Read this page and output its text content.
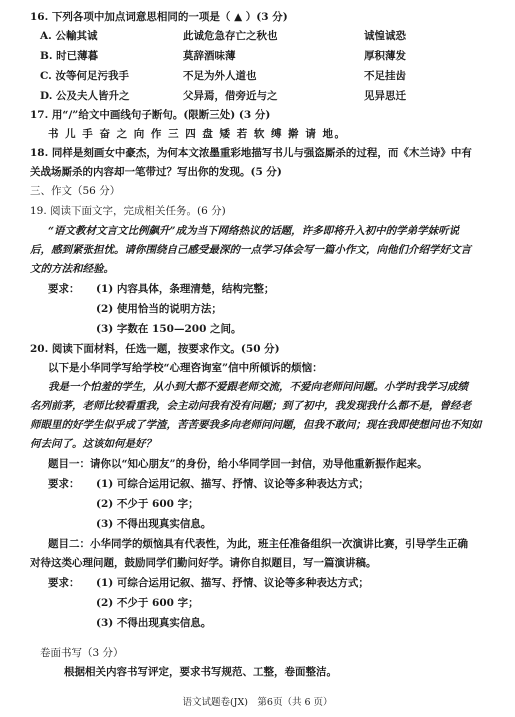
16. 下列各项中加点词意思相同的一项是（ ▲ ）(3 分)
A. 公輸其诚	此诚危急存亡之秋也	诚惶诚恐
B. 时已薄暮	莫辞酒味薄	厚积薄发
C. 汝等何足污我手	不足为外人道也	不足挂齿
D. 公及夫人皆升之	父异焉，借旁近与之	见异思迁
17. 用“/”给文中画线句子断句。(限断三处) (3 分)
书 儿 手 奋 之 向 作 三 四 盘 矮 若 软 缚 擀 请 地。
18. 同样是刻画女中豪杰，为何本文浓墨重彩地描写书儿与强盗厮杀的过程，而《木兰诗》中有
关战场厮杀的内容却一笔带过？写出你的发现。(5 分)
三、作文（56 分）
19. 阅读下面文字，完成相关任务。(6 分)
“语文教材文言文比例飙升”成为当下网络热议的话题，许多即将升入初中的学弟学妹听说
后，感到紧张担忧。请你围绕自己感受最深的一点学习体会写一篇小作文，向他们介绍学好文言
文的方法和经验。
要求：	(1) 内容具体，条理清楚，结构完整；
(2) 使用恰当的说明方法；
(3) 字数在 150—200 之间。
20. 阅读下面材料，任选一题，按要求作文。(50 分)
以下是小华同学写给学校“心理咨询室”信中所倾诉的烦恼：
我是一个怕羞的学生，从小到大都不爱跟老师交流，不爱向老师问问题。小学时我学习成绩
名列前茅，老师比较看重我，会主动问我有没有问题；到了初中，我发现我什么都不是，曾经老
师眼里的好学生似乎成了学渣，苦苦要我多向老师问问题，但我不敢问；现在我即使想问也不知如
何去问了。这该如何是好？
题目一：请你以“知心朋友”的身份，给小华同学回一封信，劝导他重新振作起来。
要求：	(1) 可综合运用记叙、描写、抒情、议论等多种表达方式；
(2) 不少于 600 字；
(3) 不得出现真实信息。
题目二：小华同学的烦恼具有代表性，为此，班主任准备组织一次演讲比赛，引导学生正确
对待这类心理问题，鼓励同学们勤问好学。请你自拟题目，写一篇演讲稿。
要求：	(1) 可综合运用记叙、描写、抒情、议论等多种表达方式；
(2) 不少于 600 字；
(3) 不得出现真实信息。
卷面书写（3 分）
根据相关内容书写评定，要求书写规范、工整，卷面整洁。
语文试题卷(JX)　第6页（共 6 页）
